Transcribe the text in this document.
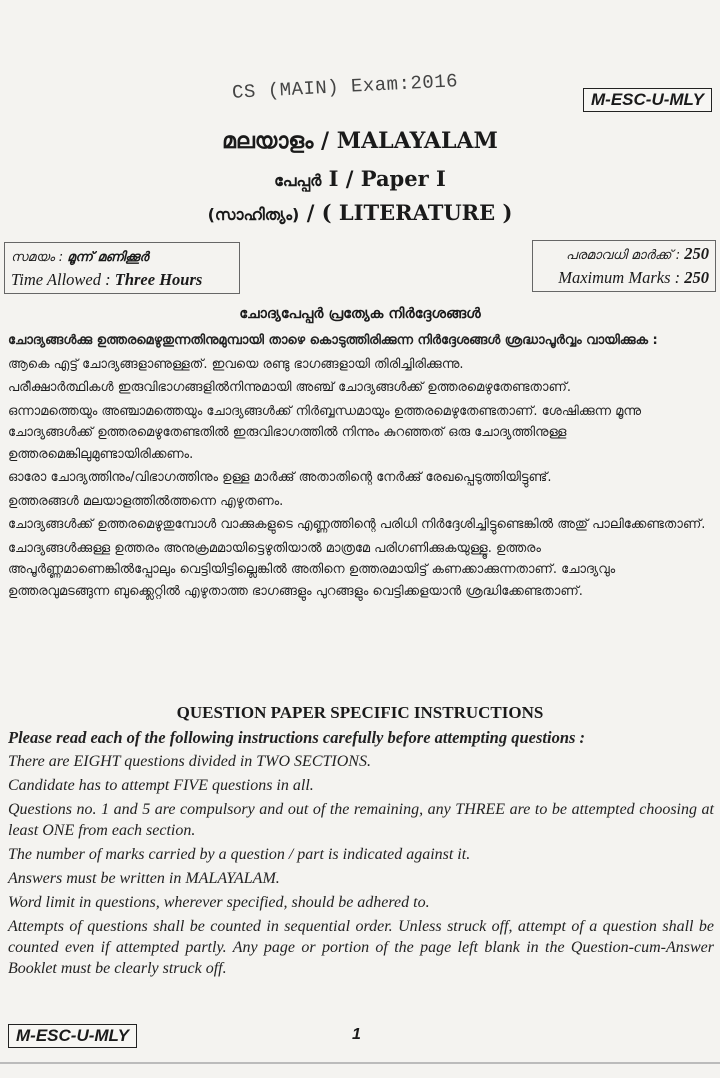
CS (MAIN) Exam:2016	M-ESC-U-MLY
മലയാളം / MALAYALAM
പേപ്പർ I / Paper I
(സാഹിത്യം) / ( LITERATURE )
സമയം : മൂന്ന് മണിക്കൂർ
Time Allowed : Three Hours
പരമാവധി മാർക്ക് : 250
Maximum Marks : 250
ചോദ്യപേപ്പർ പ്രത്യേക നിർദ്ദേശങ്ങൾ

ചോദ്യങ്ങൾക്കു ഉത്തരമെഴുതുന്നതിനുമുമ്പായി താഴെ കൊടുത്തിരിക്കുന്ന നിർദ്ദേശങ്ങൾ ശ്രദ്ധാപൂർവ്വം വായിക്കുക :

ആകെ എട്ട് ചോദ്യങ്ങളാണുള്ളത്. ഇവയെ രണ്ടു ഭാഗങ്ങളായി തിരിച്ചിരിക്കുന്നു.

പരീക്ഷാർത്ഥികൾ ഇരുവിഭാഗങ്ങളിൽനിന്നുമായി അഞ്ച് ചോദ്യങ്ങൾക്ക് ഉത്തരമെഴുതേണ്ടതാണ്.

ഒന്നാമത്തെയും അഞ്ചാമത്തെയും ചോദ്യങ്ങൾക്ക് നിർബ്ബന്ധമായും ഉത്തരമെഴുതേണ്ടതാണ്. ശേഷിക്കുന്ന മൂന്നു ചോദ്യങ്ങൾക്ക് ഉത്തരമെഴുതേണ്ടതിൽ ഇരുവിഭാഗത്തിൽ നിന്നും കുറഞ്ഞത് ഒരു ചോദ്യത്തിനുള്ള ഉത്തരമെങ്കിലുമുണ്ടായിരിക്കണം.

ഓരോ ചോദ്യത്തിനും/വിഭാഗത്തിനും ഉള്ള മാർക്കു് അതാതിന്റെ നേർക്കു് രേഖപ്പെടുത്തിയിട്ടുണ്ട്.

ഉത്തരങ്ങൾ മലയാളത്തിൽത്തന്നെ എഴുതണം.

ചോദ്യങ്ങൾക്ക് ഉത്തരമെഴുതുമ്പോൾ വാക്കുകളുടെ എണ്ണത്തിന്റെ പരിധി നിർദ്ദേശിച്ചിട്ടുണ്ടെങ്കിൽ അതു് പാലിക്കേണ്ടതാണ്.

ചോദ്യങ്ങൾക്കുള്ള ഉത്തരം അനുക്രമമായിട്ടെഴുതിയാൽ മാത്രമേ പരിഗണിക്കുകയുള്ളൂ. ഉത്തരം അപൂർണ്ണമാണെങ്കിൽപ്പോലും വെട്ടിയിട്ടില്ലെങ്കിൽ അതിനെ ഉത്തരമായിട്ട് കണക്കാക്കുന്നതാണ്. ചോദ്യവും ഉത്തരവുമടങ്ങുന്ന ബുക്ക്ലെറ്റിൽ എഴുതാത്ത ഭാഗങ്ങളും പുറങ്ങളും വെട്ടിക്കളയാൻ ശ്രദ്ധിക്കേണ്ടതാണ്.

QUESTION PAPER SPECIFIC INSTRUCTIONS

Please read each of the following instructions carefully before attempting questions :

There are EIGHT questions divided in TWO SECTIONS.

Candidate has to attempt FIVE questions in all.

Questions no. 1 and 5 are compulsory and out of the remaining, any THREE are to be attempted choosing at least ONE from each section.

The number of marks carried by a question / part is indicated against it.

Answers must be written in MALAYALAM.

Word limit in questions, wherever specified, should be adhered to.

Attempts of questions shall be counted in sequential order. Unless struck off, attempt of a question shall be counted even if attempted partly. Any page or portion of the page left blank in the Question-cum-Answer Booklet must be clearly struck off.

M-ESC-U-MLY	1
